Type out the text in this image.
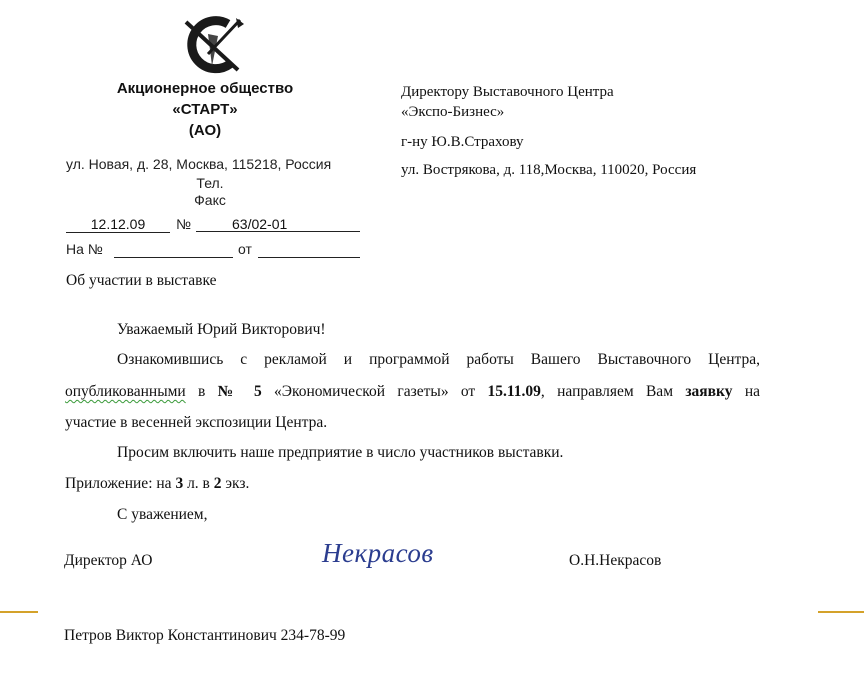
Акционерное общество
«СТАРТ»
(АО)
ул. Новая, д. 28, Москва, 115218, Россия
Тел.
Факс
12.12.09	№	63/02-01
На №	от
Об участии в выставке
Директору Выставочного Центра
«Экспо-Бизнес»
г-ну Ю.В.Страхову
ул. Вострякова, д. 118,Москва, 110020, Россия
Уважаемый Юрий Викторович!
Ознакомившись с рекламой и программой работы Вашего Выставочного Центра,
опубликованными в № 5 «Экономической газеты» от 15.11.09, направляем Вам заявку на
участие в весенней экспозиции Центра.
Просим включить наше предприятие в число участников выставки.
Приложение: на 3 л. в 2 экз.
С уважением,
Директор АО	Некрасов	О.Н.Некрасов
Петров Виктор Константинович 234-78-99
